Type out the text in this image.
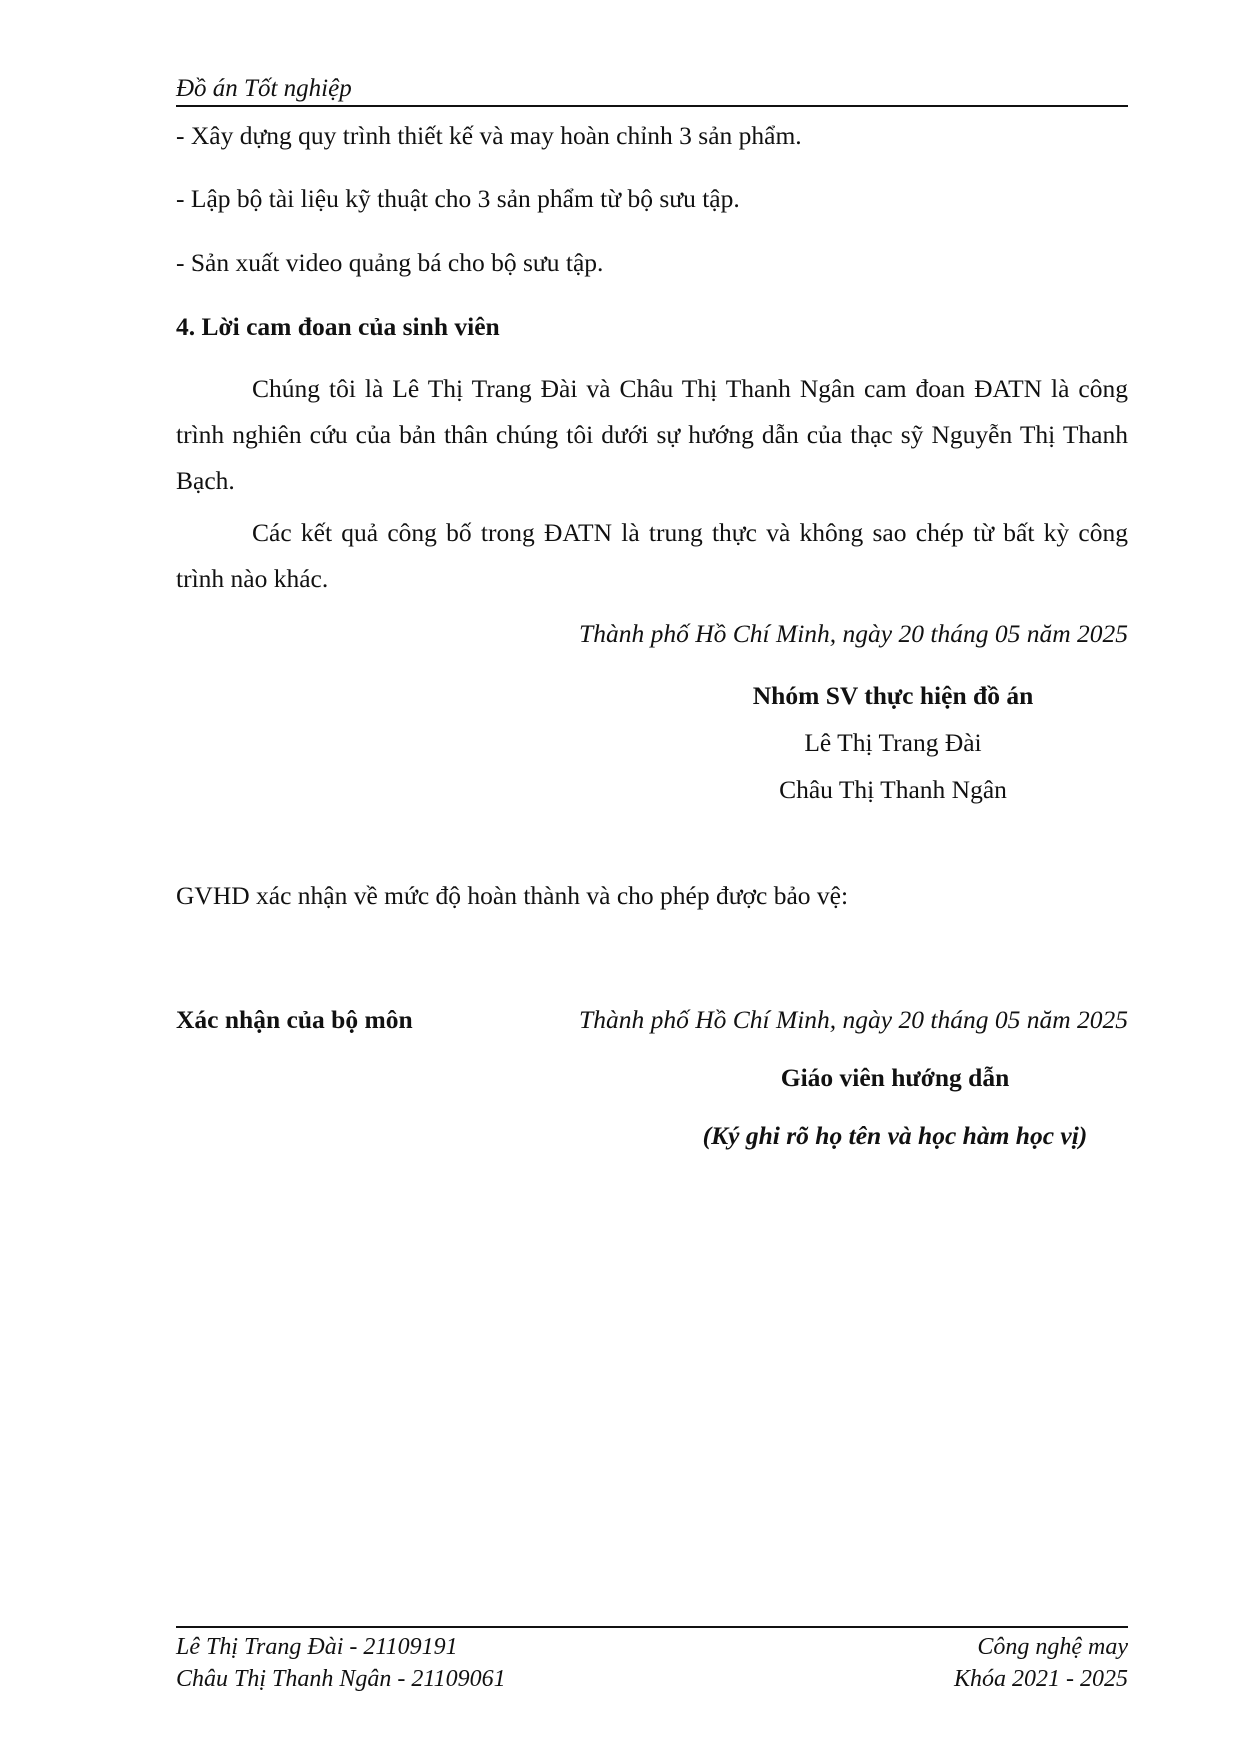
Đồ án Tốt nghiệp
- Xây dựng quy trình thiết kế và may hoàn chỉnh 3 sản phẩm.
- Lập bộ tài liệu kỹ thuật cho 3 sản phẩm từ bộ sưu tập.
- Sản xuất video quảng bá cho bộ sưu tập.
4. Lời cam đoan của sinh viên
Chúng tôi là Lê Thị Trang Đài và Châu Thị Thanh Ngân cam đoan ĐATN là công trình nghiên cứu của bản thân chúng tôi dưới sự hướng dẫn của thạc sỹ Nguyễn Thị Thanh Bạch.
Các kết quả công bố trong ĐATN là trung thực và không sao chép từ bất kỳ công trình nào khác.
Thành phố Hồ Chí Minh, ngày 20 tháng 05 năm 2025
Nhóm SV thực hiện đồ án
Lê Thị Trang Đài
Châu Thị Thanh Ngân
GVHD xác nhận về mức độ hoàn thành và cho phép được bảo vệ:
Xác nhận của bộ môn	Thành phố Hồ Chí Minh, ngày 20 tháng 05 năm 2025
Giáo viên hướng dẫn
(Ký ghi rõ họ tên và học hàm học vị)
Lê Thị Trang Đài - 21109191
Châu Thị Thanh Ngân - 21109061
Công nghệ may
Khóa 2021 - 2025
